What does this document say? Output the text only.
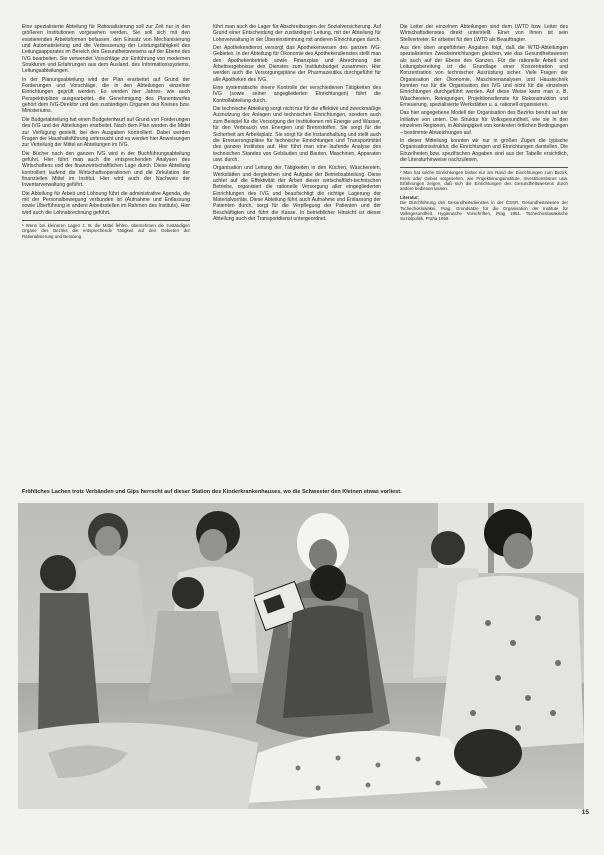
Eine spezialisierte Abteilung für Rationalisierung soll zur Zeit nur in den größeren Institutionen vorgesehen werden. Sie soll sich mit den existierenden Arbeitsformen befassen, den Einsatz von Mechanisierung und Automatisierung und die Verbesserung der Leistungsfähigkeit des Leitungsapparates im Bereich des Gesundheitswesens auf der Ebene des IVG bearbeiten. Sie verwendet Vorschläge zur Einführung von modernen Strukturen und Erfahrungen aus dem Ausland. des Informationssystems, Leitungsabteilungen.

In der Planungsabteilung wird der Plan erarbeitet auf Grund der Forderungen und Vorschläge, die in den Abteilungen einzelner Einrichtungen geprüft werden. Es werden hier Jahres- wie auch Perspektivpläne ausgearbeitet, die Genehmigung des Planentwurfes gehört dem IVG-Direktor und den zuständigen Organen des Kreises bzw. Ministeriums.

Die Budgetabteilung hat einen Budgetentwurf auf Grund von Forderungen des IVG und der Abteilungen erarbeitet. Nach dem Plan werden die Mittel zur Verfügung gestellt, bei den Ausgaben kontrolliert. Dabei werden Fragen der Haushaltsführung untersucht und es werden hier Anweisungen zur Verteilung der Mittel an Abteilungen im IVG.

Die Bücher nach den ganzen IVG wird in der Buchführungsabteilung geführt. Hier führt man auch die entsprechenden Analysen des Wirtschaftens und der finanzwirtschaftlichen Lage durch. Diese Abteilung kontrolliert laufend die Wirtschaftsoperationen und die Zirkulation der finanziellen Mittel im Institut. Hier wird auch der Nachweis der Inventarverwaltung geführt.

Die Abteilung für Arbeit und Löhnung führt die administrative Agenda, die mit der Personalbewegung verbunden ist (Aufnahme und Entlassung sowie Überführung in andere Arbeitsstellen im Rahmen des Instituts). Hier wird auch die Lohnabrechnung geführt.

¹ Wenn bei kleineren Lagen z. B. die Mittel fehlen, übernehmen die zuständigen Organe des Bezirks die entsprechende Tätigkeit auf den Gebieten der Rationalisierung und Beratung.

führt man auch die Lager für Abschreibungen der Sozialversicherung. Auf Grund einer Entscheidung der zuständigen Leitung, mit der Abteilung für Lohnverwaltung in der Übereinstimmung mit anderen Einrichtungen durch.

Der Apothekendienst versorgt das Apothekenwesen des ganzen IVG-Gebietes. In der Abteilung für Ökonomie des Apothekendienstes stellt man den Apothekenbetrieb sowie Finanzplan und Abrechnung der Arbeitsergebnisse des Dienstes zum Institutsbudget zusammen. Hier werden auch die Versorgungspläne der Pharmazeutika durchgeführt für alle Apotheken des IVG.

Eine systematische innere Kontrolle der verschiedenen Tätigkeiten des IVG (sowie seiner angegliederten Einrichtungen) führt die Kontrollabteilung durch.

Die technische Abteilung sorgt nicht nur für die effektive und zweckmäßige Ausnutzung der Anlagen und technischen Einrichtungen, sondern auch zum Beispiel für die Versorgung der Institutionen mit Energie und Wasser, für den Verbrauch von Energien und Brennstoffen. Sie sorgt für die Sicherheit am Arbeitsplatz. Sie sorgt für die Instandhaltung und stellt auch die Erneuerungspläne für technische Einrichtungen und Transportmittel des ganzen Institutes auf. Hier führt man eine laufende Analyse des technischen Standes von Gebäuden und Bauten, Maschinen, Apparaten usw. durch.

Organisation und Leitung der Tätigkeiten in den Küchen, Wäschereien, Werkstätten und dergleichen sind Aufgabe der Betriebsabteilung. Diese achtet auf die Effektivität der Arbeit dieser wirtschaftlich-technischen Betriebe, organisiert die rationelle Versorgung aller eingegliederten Einrichtungen des IVG und beaufsichtigt die richtige Lagerung der Materialvorräte. Diese Abteilung führt auch Aufnahme und Entlassung der Patienten durch, sorgt für die Verpflegung der Patienten und der Beschäftigten und führt die Kasse. In betrieblicher Hinsicht ist dieser Abteilung auch der Transportdienst untergeordnet.

Die Leiter der einzelnen Abteilungen sind dem LWTD bzw. Leiter des Wirtschaftsdienstes direkt unterstellt. Einer von ihnen ist sein Stellvertreter. Er arbeitet für den LWTD als Beauftragter.

Aus den oben angeführten Angaben folgt, daß die WTD-Abteilungen spezialisierten Zweckeinrichtungen gleichen, wie das Gesundheitswesen als auch auf der Ebene des Ganzen. Für die rationelle Arbeit und Leitungsbereitung ist die Grundlage einer Konzentration und Konzentration von technischer Ausrüstung sicher. Viele Fragen der Organisation der Ökonomie, Maschinenanalysen und Haustechnik konnten nur für die Organisation des IVG und nicht für die einzelnen Einrichtungen durchgeführt werden. Auf diese Weise kann man z. B. Wäschereien, Reinigungen, Projektionsdienste für Rekonstruktion und Erneuerung, spezialisierte Werkstätten u. a. rationell organisieren.

Das hier angegebene Modell der Organisation des Bezirks beruht auf der Initiative von unten. Die Struktur für Volksgesundheit, wie sie in den einzelnen Regionen, in Abhängigkeit von konkreten örtlichen Bedingungen – bestimmte Abweichungen auf.

In dieser Mitteilung konnten wir nur in großen Zügen die typische Organisationsstruktur, die Einrichtungen und Einrichtungen darstellen. Die Einzelheiten bzw. spezifischen Angaben sind aus der Tabelle ersichtlich, die Literaturhinweise nachzulesen.

² Man hat solche Einrichtungen bisher nur am Rand der Einrichtungen zum Bezirk, Kreis oder Gebiet vorgesehen, wie Projektierungsinstitute, Investitionsbüros usw. Erfahrungen zeigen, daß sich die Einrichtungen des Gesundheitswesens durch andere bedienen lassen.
Literatur:
Die Durchführung des Gesundheitsdienstes in der ČSSR. Gesundheitswesen der Tschechoslowakei, Prag. Grundsätze für die Organisation der Institute für Volksgesundheit. Hygienische Vorschriften, Prag 1961. Tschechoslowakische Sozialpolitik, Praha 1959.
Fröhliches Lachen trotz Verbänden und Gips herrscht auf dieser Station des Kinderkrankenhauses, wo die Schwester den Kleinen etwas vorliest.
15
